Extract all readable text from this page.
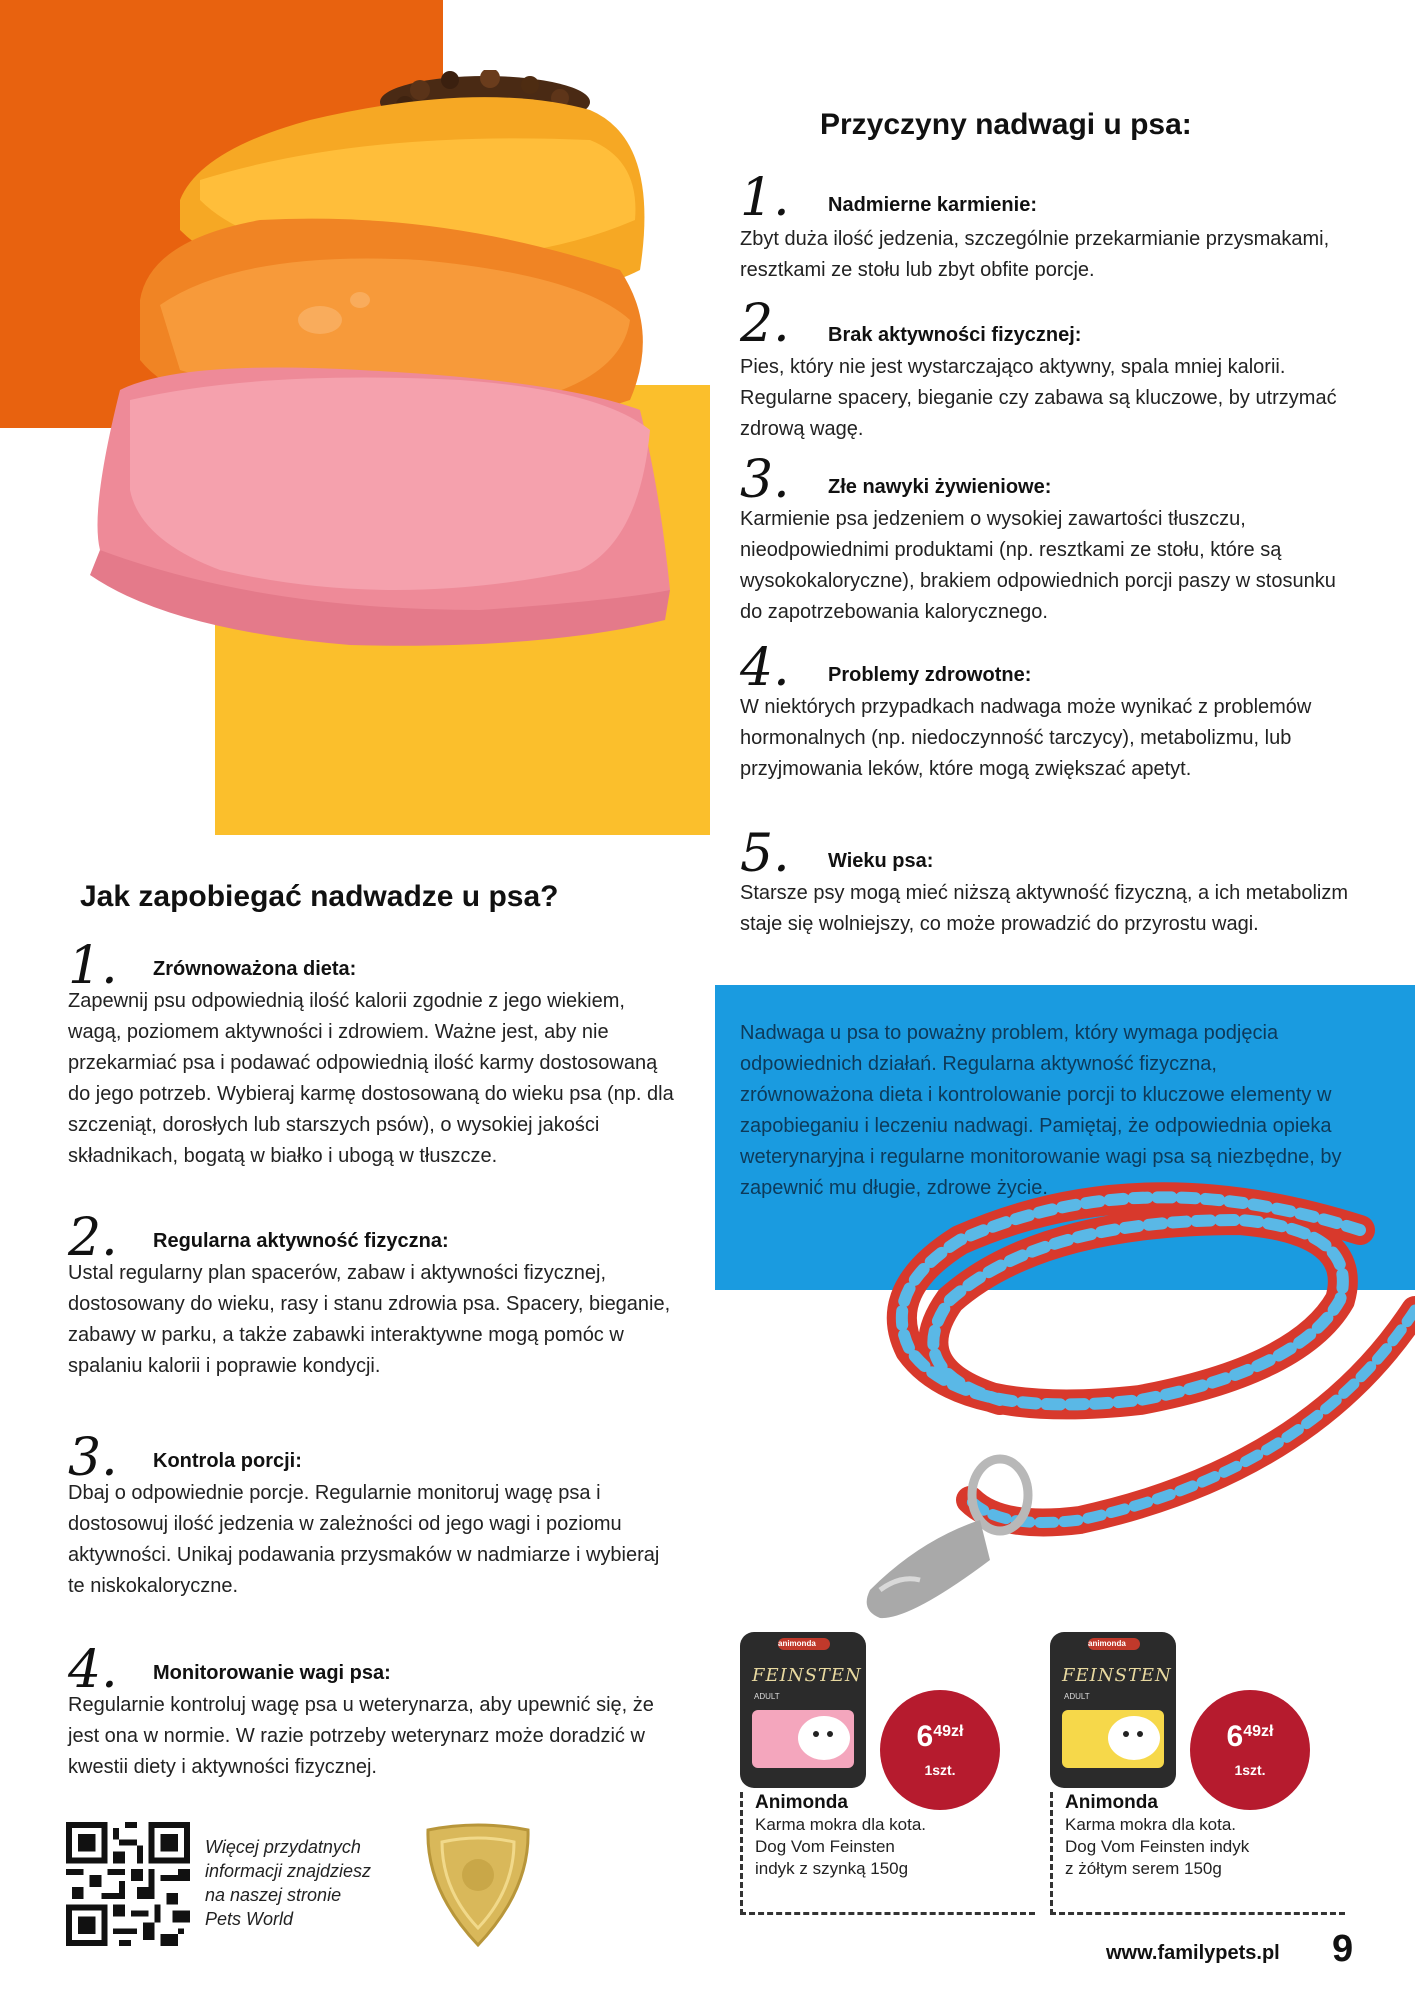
Przyczyny nadwagi u psa:
1. Nadmierne karmienie:
Zbyt duża ilość jedzenia, szczególnie przekarmianie przysmakami, resztkami ze stołu lub zbyt obfite porcje.
2. Brak aktywności fizycznej:
Pies, który nie jest wystarczająco aktywny, spala mniej kalorii. Regularne spacery, bieganie czy zabawa są kluczowe, by utrzymać zdrową wagę.
3. Złe nawyki żywieniowe:
Karmienie psa jedzeniem o wysokiej zawartości tłuszczu, nieodpowiednimi produktami (np. resztkami ze stołu, które są wysokokaloryczne), brakiem odpowiednich porcji paszy w stosunku do zapotrzebowania kalorycznego.
4. Problemy zdrowotne:
W niektórych przypadkach nadwaga może wynikać z problemów hormonalnych (np. niedoczynność tarczycy), metabolizmu, lub przyjmowania leków, które mogą zwiększać apetyt.
5. Wieku psa:
Starsze psy mogą mieć niższą aktywność fizyczną, a ich metabolizm staje się wolniejszy, co może prowadzić do przyrostu wagi.
Nadwaga u psa to poważny problem, który wymaga podjęcia odpowiednich działań. Regularna aktywność fizyczna, zrównoważona dieta i kontrolowanie porcji to kluczowe elementy w zapobieganiu i leczeniu nadwagi. Pamiętaj, że odpowiednia opieka weterynaryjna i regularne monitorowanie wagi psa są niezbędne, by zapewnić mu długie, zdrowe życie.
Jak zapobiegać nadwadze u psa?
1. Zrównoważona dieta:
Zapewnij psu odpowiednią ilość kalorii zgodnie z jego wiekiem, wagą, poziomem aktywności i zdrowiem. Ważne jest, aby nie przekarmiać psa i podawać odpowiednią ilość karmy dostosowaną do jego potrzeb. Wybieraj karmę dostosowaną do wieku psa (np. dla szczeniąt, dorosłych lub starszych psów), o wysokiej jakości składnikach, bogatą w białko i ubogą w tłuszcze.
2. Regularna aktywność fizyczna:
Ustal regularny plan spacerów, zabaw i aktywności fizycznej, dostosowany do wieku, rasy i stanu zdrowia psa. Spacery, bieganie, zabawy w parku, a także zabawki interaktywne mogą pomóc w spalaniu kalorii i poprawie kondycji.
3. Kontrola porcji:
Dbaj o odpowiednie porcje. Regularnie monitoruj wagę psa i dostosowuj ilość jedzenia w zależności od jego wagi i poziomu aktywności. Unikaj podawania przysmaków w nadmiarze i wybieraj te niskokaloryczne.
4. Monitorowanie wagi psa:
Regularnie kontroluj wagę psa u weterynarza, aby upewnić się, że jest ona w normie. W razie potrzeby weterynarz może doradzić w kwestii diety i aktywności fizycznej.
animonda
FEINSTEN
ADULT
$6^{49zł}$
1szt.
Animonda
Karma mokra dla kota.
Dog Vom Feinsten
indyk z szynką 150g
animonda
FEINSTEN
ADULT
$6^{49zł}$
1szt.
Animonda
Karma mokra dla kota.
Dog Vom Feinsten indyk
z żółtym serem 150g
Więcej przydatnych
informacji znajdziesz
na naszej stronie
Pets World
www.familypets.pl 9
